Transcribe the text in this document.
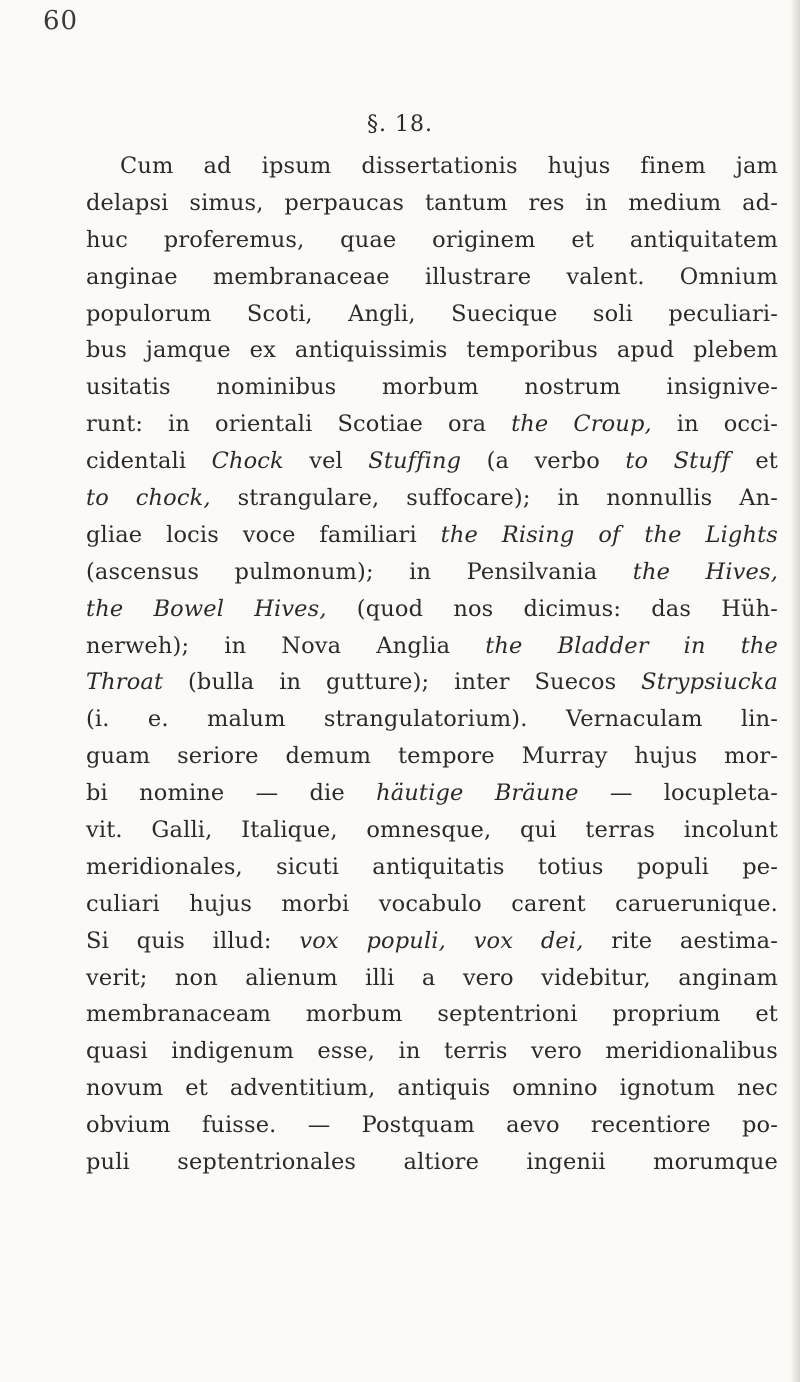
60
§. 18.
Cum ad ipsum dissertationis hujus finem jam
delapsi simus, perpaucas tantum res in medium ad-
huc proferemus, quae originem et antiquitatem
anginae membranaceae illustrare valent. Omnium
populorum Scoti, Angli, Suecique soli peculiari-
bus jamque ex antiquissimis temporibus apud plebem
usitatis nominibus morbum nostrum insignive-
runt: in orientali Scotiae ora the Croup, in occi-
cidentali Chock vel Stuffing (a verbo to Stuff et
to chock, strangulare, suffocare); in nonnullis An-
gliae locis voce familiari the Rising of the Lights
(ascensus pulmonum); in Pensilvania the Hives,
the Bowel Hives, (quod nos dicimus: das Hüh-
nerweh); in Nova Anglia the Bladder in the
Throat (bulla in gutture); inter Suecos Strypsiucka
(i. e. malum strangulatorium). Vernaculam lin-
guam seriore demum tempore Murray hujus mor-
bi nomine — die häutige Bräune — locupleta-
vit. Galli, Italique, omnesque, qui terras incolunt
meridionales, sicuti antiquitatis totius populi pe-
culiari hujus morbi vocabulo carent caruerunique.
Si quis illud: vox populi, vox dei, rite aestima-
verit; non alienum illi a vero videbitur, anginam
membranaceam morbum septentrioni proprium et
quasi indigenum esse, in terris vero meridionalibus
novum et adventitium, antiquis omnino ignotum nec
obvium fuisse. — Postquam aevo recentiore po-
puli septentrionales altiore ingenii morumque
